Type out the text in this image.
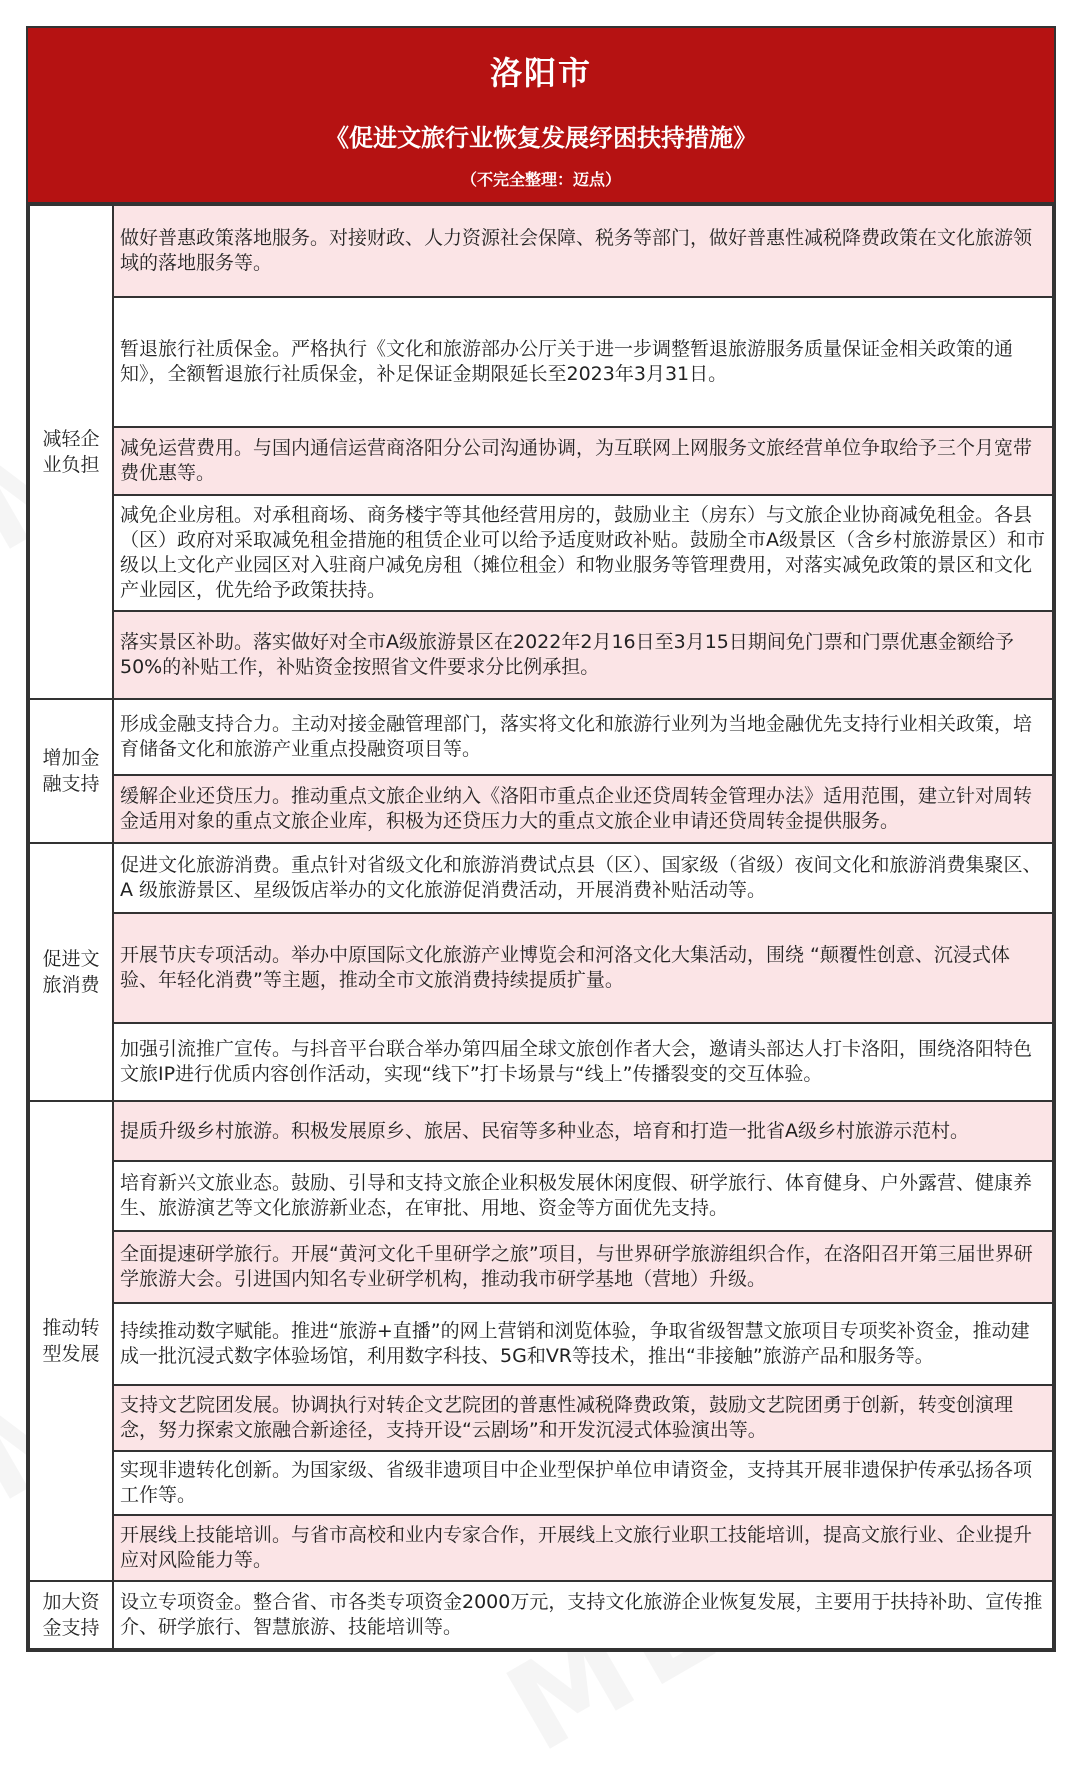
洛阳市
《促进文旅行业恢复发展纾困扶持措施》
（不完全整理：迈点）
减轻企业负担	做好普惠政策落地服务。对接财政、人力资源社会保障、税务等部门，做好普惠性减税降费政策在文化旅游领域的落地服务等。
	暂退旅行社质保金。严格执行《文化和旅游部办公厅关于进一步调整暂退旅游服务质量保证金相关政策的通知》，全额暂退旅行社质保金，补足保证金期限延长至2023年3月31日。
	减免运营费用。与国内通信运营商洛阳分公司沟通协调，为互联网上网服务文旅经营单位争取给予三个月宽带费优惠等。
	减免企业房租。对承租商场、商务楼宇等其他经营用房的，鼓励业主（房东）与文旅企业协商减免租金。各县（区）政府对采取减免租金措施的租赁企业可以给予适度财政补贴。鼓励全市A级景区（含乡村旅游景区）和市级以上文化产业园区对入驻商户减免房租（摊位租金）和物业服务等管理费用，对落实减免政策的景区和文化产业园区，优先给予政策扶持。
	落实景区补助。落实做好对全市A级旅游景区在2022年2月16日至3月15日期间免门票和门票优惠金额给予50%的补贴工作，补贴资金按照省文件要求分比例承担。
增加金融支持	形成金融支持合力。主动对接金融管理部门，落实将文化和旅游行业列为当地金融优先支持行业相关政策，培育储备文化和旅游产业重点投融资项目等。
	缓解企业还贷压力。推动重点文旅企业纳入《洛阳市重点企业还贷周转金管理办法》适用范围，建立针对周转金适用对象的重点文旅企业库，积极为还贷压力大的重点文旅企业申请还贷周转金提供服务。
促进文旅消费	促进文化旅游消费。重点针对省级文化和旅游消费试点县（区）、国家级（省级）夜间文化和旅游消费集聚区、A 级旅游景区、星级饭店举办的文化旅游促消费活动，开展消费补贴活动等。
	开展节庆专项活动。举办中原国际文化旅游产业博览会和河洛文化大集活动，围绕 “颠覆性创意、沉浸式体验、年轻化消费”等主题，推动全市文旅消费持续提质扩量。
	加强引流推广宣传。与抖音平台联合举办第四届全球文旅创作者大会，邀请头部达人打卡洛阳，围绕洛阳特色文旅IP进行优质内容创作活动，实现“线下”打卡场景与“线上”传播裂变的交互体验。
推动转型发展	提质升级乡村旅游。积极发展原乡、旅居、民宿等多种业态，培育和打造一批省A级乡村旅游示范村。
	培育新兴文旅业态。鼓励、引导和支持文旅企业积极发展休闲度假、研学旅行、体育健身、户外露营、健康养生、旅游演艺等文化旅游新业态，在审批、用地、资金等方面优先支持。
	全面提速研学旅行。开展“黄河文化千里研学之旅”项目，与世界研学旅游组织合作，在洛阳召开第三届世界研学旅游大会。引进国内知名专业研学机构，推动我市研学基地（营地）升级。
	持续推动数字赋能。推进“旅游+直播”的网上营销和浏览体验，争取省级智慧文旅项目专项奖补资金，推动建成一批沉浸式数字体验场馆，利用数字科技、5G和VR等技术，推出“非接触”旅游产品和服务等。
	支持文艺院团发展。协调执行对转企文艺院团的普惠性减税降费政策，鼓励文艺院团勇于创新，转变创演理念，努力探索文旅融合新途径，支持开设“云剧场”和开发沉浸式体验演出等。
	实现非遗转化创新。为国家级、省级非遗项目中企业型保护单位申请资金，支持其开展非遗保护传承弘扬各项工作等。
	开展线上技能培训。与省市高校和业内专家合作，开展线上文旅行业职工技能培训，提高文旅行业、企业提升应对风险能力等。
加大资金支持	设立专项资金。整合省、市各类专项资金2000万元，支持文化旅游企业恢复发展，主要用于扶持补助、宣传推介、研学旅行、智慧旅游、技能培训等。
